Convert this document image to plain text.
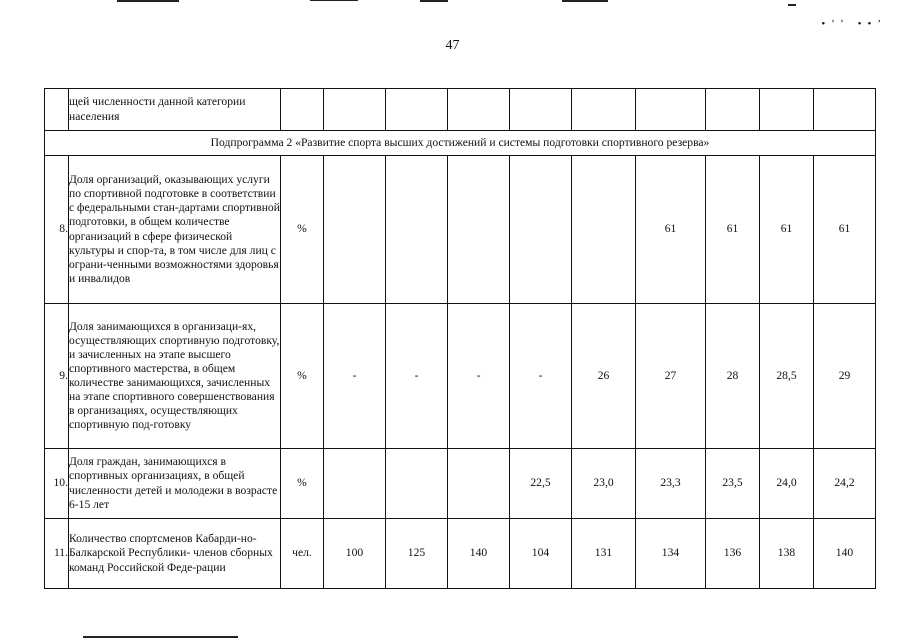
•’’ ••ʼ
47
	щей численности данной категории населения										
Подпрограмма 2 «Развитие спорта высших достижений и системы подготовки спортивного резерва»											
8.	Доля организаций, оказывающих услуги по спортивной подготовке в соответствии с федеральными стан-дартами спортивной подготовки, в общем количестве организаций в сфере физической культуры и спор-та, в том числе для лиц с ограни-ченными возможностями здоровья и инвалидов	%						61	61	61	61
9.	Доля занимающихся в организаци-ях, осуществляющих спортивную подготовку, и зачисленных на этапе высшего спортивного мастерства, в общем количестве занимающихся, зачисленных на этапе спортивного совершенствования в организациях, осуществляющих спортивную под-готовку	%	-	-	-	-	26	27	28	28,5	29
10.	Доля граждан, занимающихся в спортивных организациях, в общей численности детей и молодежи в возрасте 6-15 лет	%				22,5	23,0	23,3	23,5	24,0	24,2
11.	Количество спортсменов Кабарди-но-Балкарской Республики- членов сборных команд Российской Феде-рации	чел.	100	125	140	104	131	134	136	138	140
